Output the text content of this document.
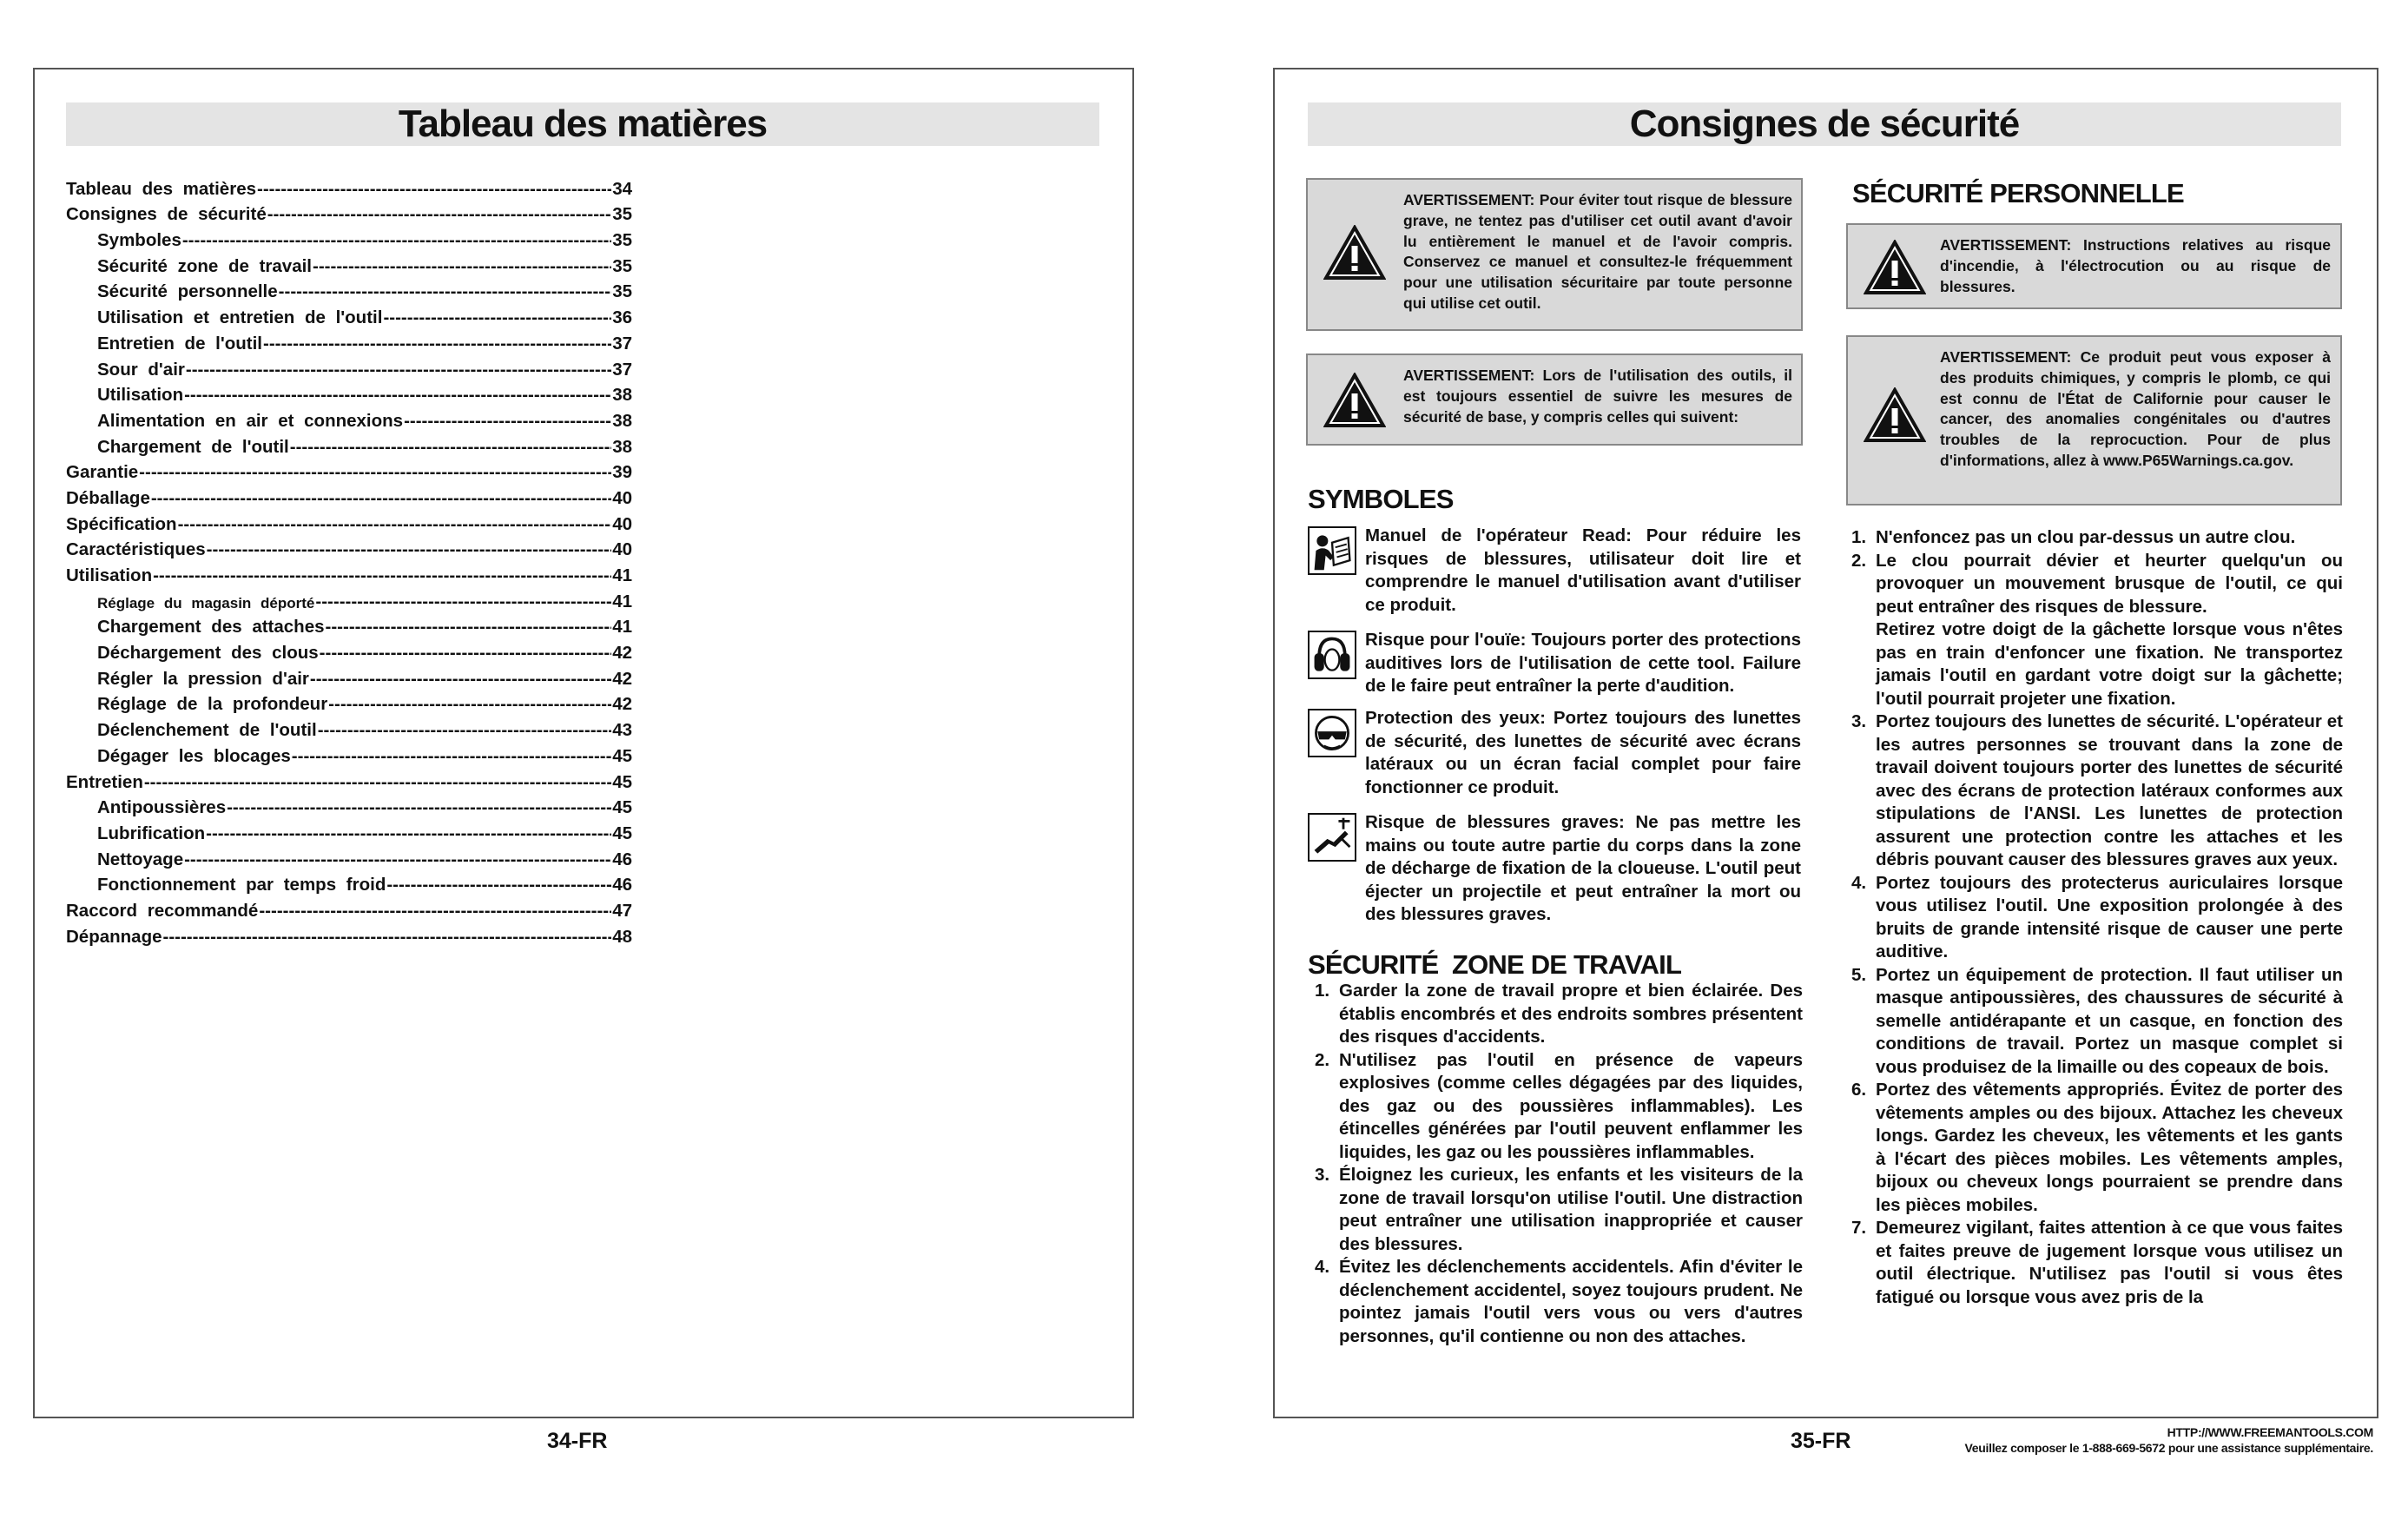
Tableau des matières
Tableau des matières -----	34
Consignes de sécurité -----	35
Symboles -----	35
Sécurité zone de travail -----	35
Sécurité personnelle -----	35
Utilisation et entretien de l'outil -----	36
Entretien de l'outil -----	37
Sour d'air -----	37
Utilisation -----	38
Alimentation en air et connexions -----	38
Chargement de l'outil -----	38
Garantie -----	39
Déballage -----	40
Spécification -----	40
Caractéristiques -----	40
Utilisation -----	41
Réglage du magasin déporté -----	41
Chargement des attaches -----	41
Déchargement des clous -----	42
Régler la pression d'air -----	42
Réglage de la profondeur -----	42
Déclenchement de l'outil -----	43
Dégager les blocages -----	45
Entretien -----	45
Antipoussières -----	45
Lubrification -----	45
Nettoyage -----	46
Fonctionnement par temps froid -----	46
Raccord recommandé -----	47
Dépannage -----	48
34-FR
Consignes de sécurité
AVERTISSEMENT: Pour éviter tout risque de blessure grave, ne tentez pas d'utiliser cet outil avant d'avoir lu entièrement le manuel et de l'avoir compris. Conservez ce manuel et consultez-le fréquemment pour une utilisation sécuritaire par toute personne qui utilise cet outil.
AVERTISSEMENT: Lors de l'utilisation des outils, il est toujours essentiel de suivre les mesures de sécurité de base, y compris celles qui suivent:
SYMBOLES
Manuel de l'opérateur Read: Pour réduire les risques de blessures, utilisateur doit lire et comprendre le manuel d'utilisation avant d'utiliser ce produit.
Risque pour l'ouïe: Toujours porter des protections auditives lors de l'utilisation de cette tool. Failure de le faire peut entraîner la perte d'audition.
Protection des yeux: Portez toujours des lunettes de sécurité, des lunettes de sécurité avec écrans latéraux ou un écran facial complet pour faire fonctionner ce produit.
Risque de blessures graves: Ne pas mettre les mains ou toute autre partie du corps dans la zone de décharge de fixation de la cloueuse. L'outil peut éjecter un projectile et peut entraîner la mort ou des blessures graves.
SÉCURITÉ  ZONE DE TRAVAIL
1. Garder la zone de travail propre et bien éclairée. Des établis encombrés et des endroits sombres présentent des risques d'accidents.
2. N'utilisez pas l'outil en présence de vapeurs explosives (comme celles dégagées par des liquides, des gaz ou des poussières inflammables). Les étincelles générées par l'outil peuvent enflammer les liquides, les gaz ou les poussières inflammables.
3. Éloignez les curieux, les enfants et les visiteurs de la zone de travail lorsqu'on utilise l'outil. Une distraction peut entraîner une utilisation inappropriée et causer des blessures.
4. Évitez les déclenchements accidentels. Afin d'éviter le déclenchement accidentel, soyez toujours prudent. Ne pointez jamais l'outil vers vous ou vers d'autres personnes, qu'il contienne ou non des attaches.
SÉCURITÉ PERSONNELLE
AVERTISSEMENT: Instructions relatives au risque d'incendie, à l'électrocution ou au risque de blessures.
AVERTISSEMENT: Ce produit peut vous exposer à des produits chimiques, y compris le plomb, ce qui est connu de l'État de Californie pour causer le cancer, des anomalies congénitales ou d'autres troubles de la reprocuction. Pour de plus d'informations, allez à www.P65Warnings.ca.gov.
1. N'enfoncez pas un clou par-dessus un autre clou.
2. Le clou pourrait dévier et heurter quelqu'un ou provoquer un mouvement brusque de l'outil, ce qui peut entraîner des risques de blessure.
Retirez votre doigt de la gâchette lorsque vous n'êtes pas en train d'enfoncer une fixation. Ne transportez jamais l'outil en gardant votre doigt sur la gâchette; l'outil pourrait projeter une fixation.
3. Portez toujours des lunettes de sécurité. L'opérateur et les autres personnes se trouvant dans la zone de travail doivent toujours porter des lunettes de sécurité avec des écrans de protection latéraux conformes aux stipulations de l'ANSI. Les lunettes de protection assurent une protection contre les attaches et les débris pouvant causer des blessures graves aux yeux.
4. Portez toujours des protecterus auriculaires lorsque vous utilisez l'outil. Une exposition prolongée à des bruits de grande intensité risque de causer une perte auditive.
5. Portez un équipement de protection. Il faut utiliser un masque antipoussières, des chaussures de sécurité à semelle antidérapante et un casque, en fonction des conditions de travail. Portez un masque complet si vous produisez de la limaille ou des copeaux de bois.
6. Portez des vêtements appropriés. Évitez de porter des vêtements amples ou des bijoux. Attachez les cheveux longs. Gardez les cheveux, les vêtements et les gants à l'écart des pièces mobiles. Les vêtements amples, bijoux ou cheveux longs pourraient se prendre dans les pièces mobiles.
7. Demeurez vigilant, faites attention à ce que vous faites et faites preuve de jugement lorsque vous utilisez un outil électrique. N'utilisez pas l'outil si vous êtes fatigué ou lorsque vous avez pris de la
35-FR	HTTP://WWW.FREEMANTOOLS.COM
Veuillez composer le 1-888-669-5672 pour une assistance supplémentaire.
